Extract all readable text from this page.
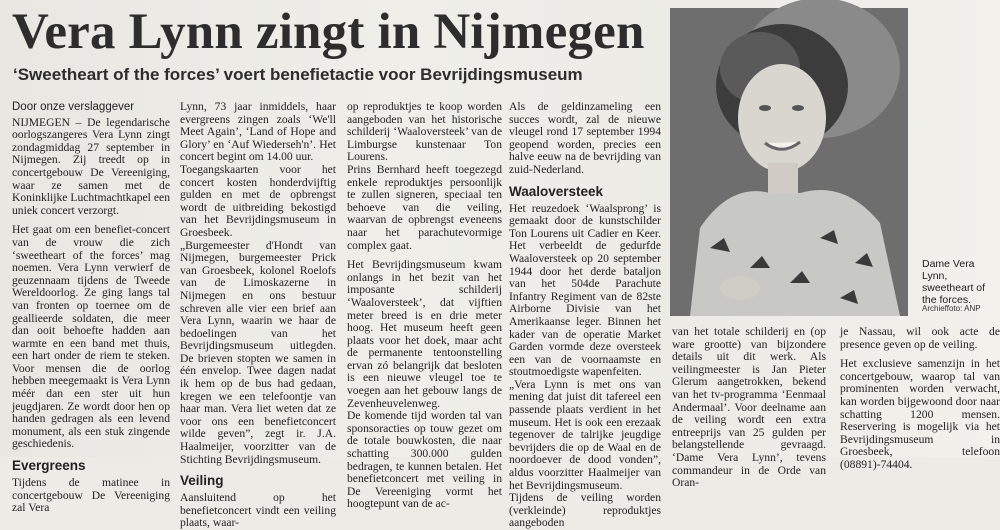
Vera Lynn zingt in Nijmegen
‘Sweetheart of the forces’ voert benefietactie voor Bevrijdingsmuseum
Door onze verslaggever

NIJMEGEN – De legendarische oorlogszangeres Vera Lynn zingt zondagmiddag 27 september in Nijmegen. Zij treedt op in concertgebouw De Vereeniging, waar ze samen met de Koninklijke Luchtmachtkapel een uniek concert verzorgt.

Het gaat om een benefiet-concert van de vrouw die zich ‘sweetheart of the forces’ mag noemen. Vera Lynn verwierf de geuzennaam tijdens de Tweede Wereldoorlog. Ze ging langs tal van fronten op toernee om de geallieerde soldaten, die meer dan ooit behoefte hadden aan warmte en een band met thuis, een hart onder de riem te steken. Voor mensen die de oorlog hebben meegemaakt is Vera Lynn méér dan een ster uit hun jeugdjaren. Ze wordt door hen op handen gedragen als een levend monument, als een stuk zingende geschiedenis.

Evergreens

Tijdens de matinee in concertgebouw De Vereeniging zal Vera

Lynn, 73 jaar inmiddels, haar evergreens zingen zoals ‘We'll Meet Again’, ‘Land of Hope and Glory’ en ‘Auf Wiederseh'n’. Het concert begint om 14.00 uur.
Toegangskaarten voor het concert kosten honderdvijftig gulden en met de opbrengst wordt de uitbreiding bekostigd van het Bevrijdingsmuseum in Groesbeek.
„Burgemeester d'Hondt van Nijmegen, burgemeester Prick van Groesbeek, kolonel Roelofs van de Limoskazerne in Nijmegen en ons bestuur schreven alle vier een brief aan Vera Lynn, waarin we haar de bedoelingen van het Bevrijdingsmuseum uitlegden. De brieven stopten we samen in één envelop. Twee dagen nadat ik hem op de bus had gedaan, kregen we een telefoontje van haar man. Vera liet weten dat ze voor ons een benefietconcert wilde geven”, zegt ir. J.A. Haalmeijer, voorzitter van de Stichting Bevrijdingsmuseum.

Veiling

Aansluitend op het benefietconcert vindt een veiling plaats, waar-

op reproduktjes te koop worden aangeboden van het historische schilderij ‘Waaloversteek’ van de Limburgse kunstenaar Ton Lourens.
Prins Bernhard heeft toegezegd enkele reproduktjes persoonlijk te zullen signeren, speciaal ten behoeve van die veiling, waarvan de opbrengst eveneens naar het parachutevormige complex gaat.

Het Bevrijdingsmuseum kwam onlangs in het bezit van het imposante schilderij ‘Waaloversteek’, dat vijftien meter breed is en drie meter hoog. Het museum heeft geen plaats voor het doek, maar acht de permanente tentoonstelling ervan zó belangrijk dat besloten is een nieuwe vleugel toe te voegen aan het gebouw langs de Zevenheuvelenweg.
De komende tijd worden tal van sponsoracties op touw gezet om de totale bouwkosten, die naar schatting 300.000 gulden bedragen, te kunnen betalen. Het benefietconcert met veiling in De Vereeniging vormt het hoogtepunt van de ac-

Als de geldinzameling een succes wordt, zal de nieuwe vleugel rond 17 september 1994 geopend worden, precies een halve eeuw na de bevrijding van zuid-Nederland.

Waaloversteek

Het reuzedoek ‘Waalsprong’ is gemaakt door de kunstschilder Ton Lourens uit Cadier en Keer. Het verbeeldt de gedurfde Waaloversteek op 20 september 1944 door het derde bataljon van het 504de Parachute Infantry Regiment van de 82ste Airborne Divisie van het Amerikaanse leger. Binnen het kader van de operatie Market Garden vormde deze oversteek een van de voornaamste en stoutmoedigste wapenfeiten.
„Vera Lynn is met ons van mening dat juist dit tafereel een passende plaats verdient in het museum. Het is ook een erezaak tegenover de talrijke jeugdige bevrijders die op de Waal en de noordoever de dood vonden”, aldus voorzitter Haalmeijer van het Bevrijdingsmuseum.
Tijdens de veiling worden (verkleinde) reproduktjes aangeboden

Dame Vera Lynn, sweetheart of the forces.
Archieffoto: ANP

van het totale schilderij en (op ware grootte) van bijzondere details uit dit werk. Als veilingmeester is Jan Pieter Glerum aangetrokken, bekend van het tv-programma ‘Eenmaal Andermaal’. Voor deelname aan de veiling wordt een extra entreeprijs van 25 gulden per belangstellende gevraagd. ‘Dame Vera Lynn’, tevens commandeur in de Orde van Oran-

je Nassau, wil ook acte de presence geven op de veiling.

Het exclusieve samenzijn in het concertgebouw, waarop tal van prominenten worden verwacht, kan worden bijgewoond door naar schatting 1200 mensen. Reservering is mogelijk via het Bevrijdingsmuseum in Groesbeek, telefoon (08891)-74404.
